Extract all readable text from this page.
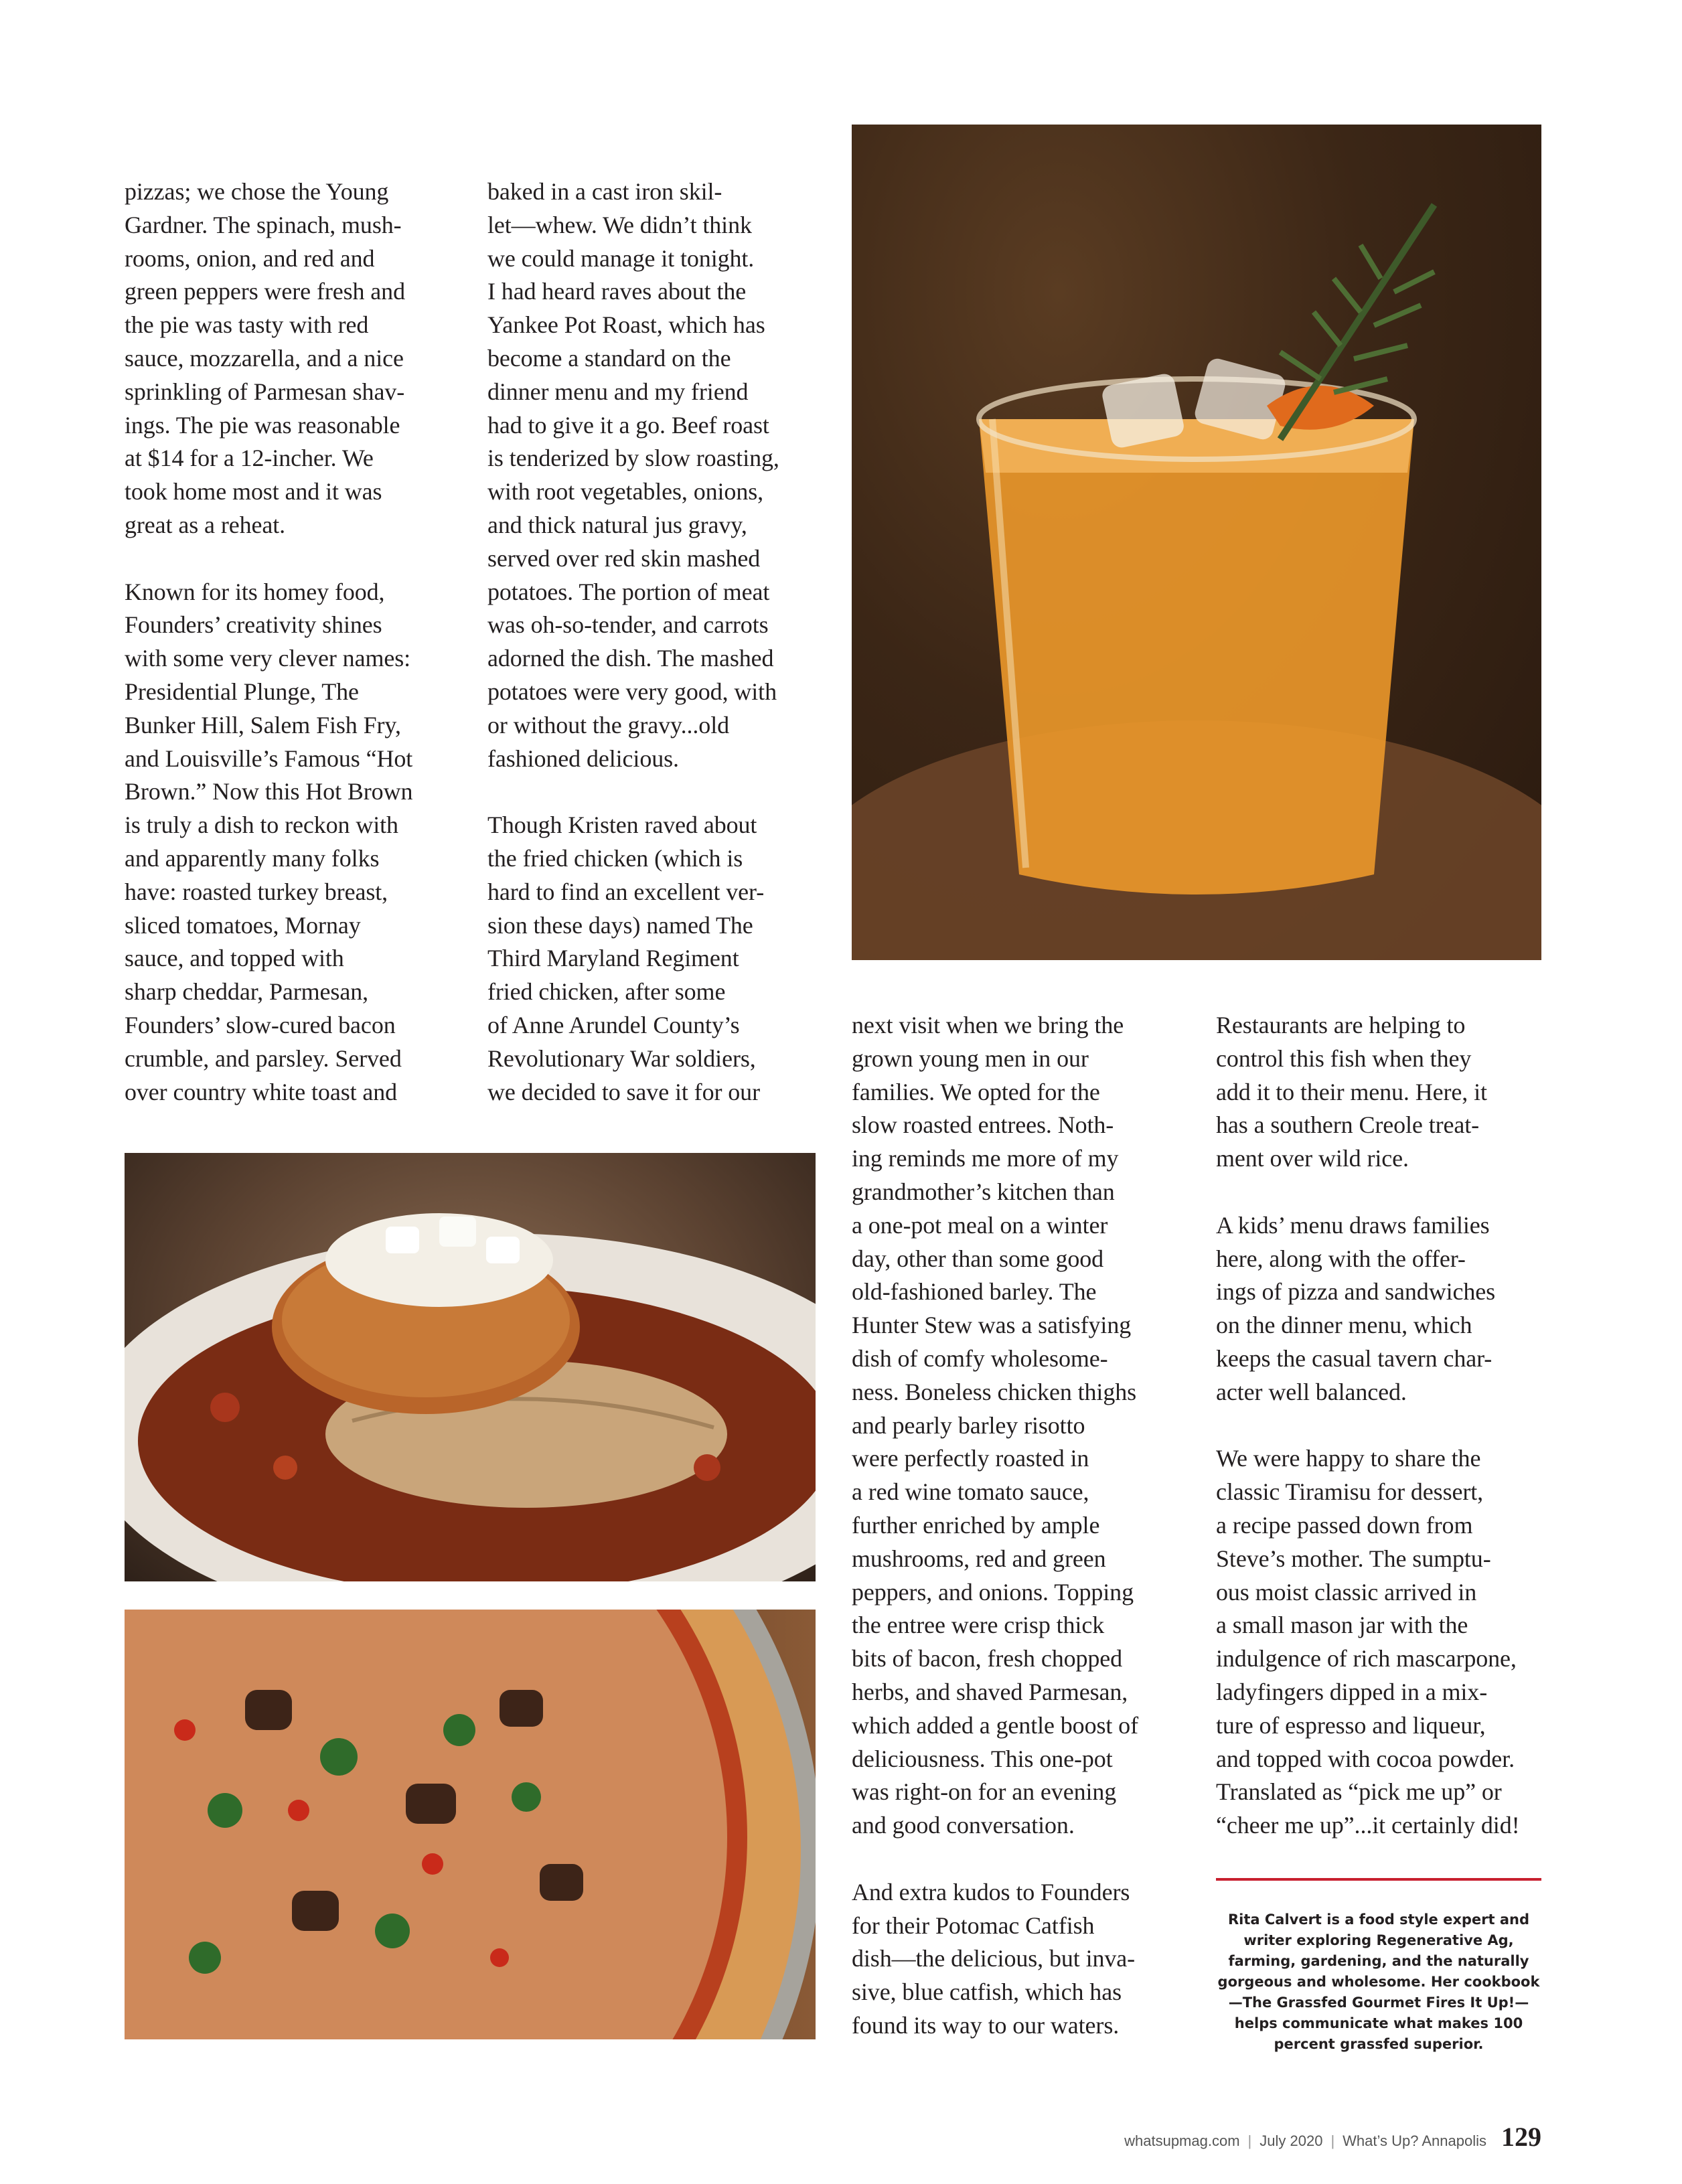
pizzas; we chose the Young
Gardner. The spinach, mush-
rooms, onion, and red and
green peppers were fresh and
the pie was tasty with red
sauce, mozzarella, and a nice
sprinkling of Parmesan shav-
ings. The pie was reasonable
at $14 for a 12-incher. We
took home most and it was
great as a reheat.

Known for its homey food,
Founders’ creativity shines
with some very clever names:
Presidential Plunge, The
Bunker Hill, Salem Fish Fry,
and Louisville’s Famous “Hot
Brown.” Now this Hot Brown
is truly a dish to reckon with
and apparently many folks
have: roasted turkey breast,
sliced tomatoes, Mornay
sauce, and topped with
sharp cheddar, Parmesan,
Founders’ slow-cured bacon
crumble, and parsley. Served
over country white toast and

baked in a cast iron skil-
let—whew. We didn’t think
we could manage it tonight.
I had heard raves about the
Yankee Pot Roast, which has
become a standard on the
dinner menu and my friend
had to give it a go. Beef roast
is tenderized by slow roasting,
with root vegetables, onions,
and thick natural jus gravy,
served over red skin mashed
potatoes. The portion of meat
was oh-so-tender, and carrots
adorned the dish. The mashed
potatoes were very good, with
or without the gravy...old
fashioned delicious.

Though Kristen raved about
the fried chicken (which is
hard to find an excellent ver-
sion these days) named The
Third Maryland Regiment
fried chicken, after some
of Anne Arundel County’s
Revolutionary War soldiers,
we decided to save it for our

next visit when we bring the
grown young men in our
families. We opted for the
slow roasted entrees. Noth-
ing reminds me more of my
grandmother’s kitchen than
a one-pot meal on a winter
day, other than some good
old-fashioned barley. The
Hunter Stew was a satisfying
dish of comfy wholesome-
ness. Boneless chicken thighs
and pearly barley risotto
were perfectly roasted in
a red wine tomato sauce,
further enriched by ample
mushrooms, red and green
peppers, and onions. Topping
the entree were crisp thick
bits of bacon, fresh chopped
herbs, and shaved Parmesan,
which added a gentle boost of
deliciousness. This one-pot
was right-on for an evening
and good conversation.

And extra kudos to Founders
for their Potomac Catfish
dish—the delicious, but inva-
sive, blue catfish, which has
found its way to our waters.

Restaurants are helping to
control this fish when they
add it to their menu. Here, it
has a southern Creole treat-
ment over wild rice.

A kids’ menu draws families
here, along with the offer-
ings of pizza and sandwiches
on the dinner menu, which
keeps the casual tavern char-
acter well balanced.

We were happy to share the
classic Tiramisu for dessert,
a recipe passed down from
Steve’s mother. The sumptu-
ous moist classic arrived in
a small mason jar with the
indulgence of rich mascarpone,
ladyfingers dipped in a mix-
ture of espresso and liqueur,
and topped with cocoa powder.
Translated as “pick me up” or
“cheer me up”...it certainly did!

Rita Calvert is a food style expert and writer exploring Regenerative Ag, farming, gardening, and the naturally gorgeous and wholesome. Her cookbook—The Grassfed Gourmet Fires It Up!—helps communicate what makes 100 percent grassfed superior.

whatsupmag.com | July 2020 | What’s Up? Annapolis 129
